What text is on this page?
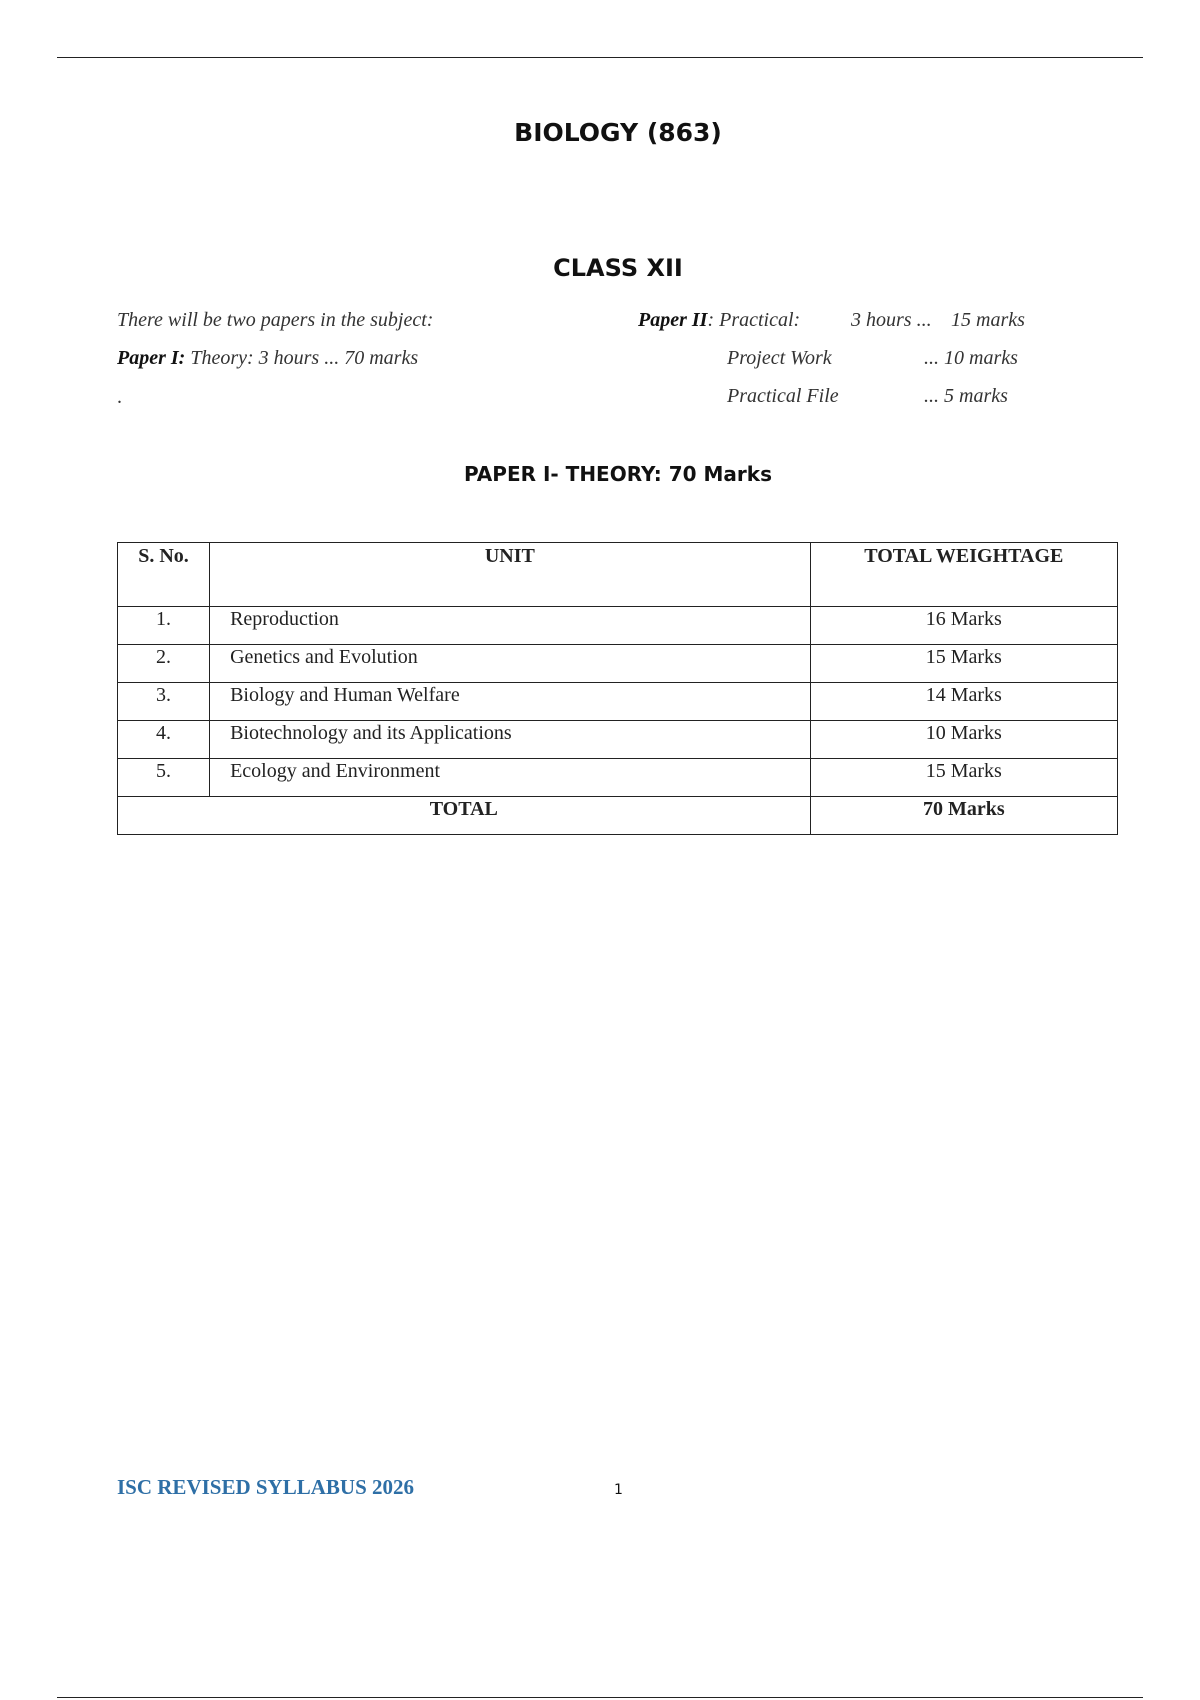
BIOLOGY (863)
CLASS XII
There will be two papers in the subject:
Paper I: Theory: 3 hours ... 70 marks
.
Paper II: Practical:	3 hours ... 15 marks
Project Work	... 10 marks
Practical File	... 5 marks
PAPER I- THEORY: 70 Marks
S. No.	UNIT	TOTAL WEIGHTAGE
1.	Reproduction	16 Marks
2.	Genetics and Evolution	15 Marks
3.	Biology and Human Welfare	14 Marks
4.	Biotechnology and its Applications	10 Marks
5.	Ecology and Environment	15 Marks
TOTAL		70 Marks
ISC REVISED SYLLABUS 2026	1
